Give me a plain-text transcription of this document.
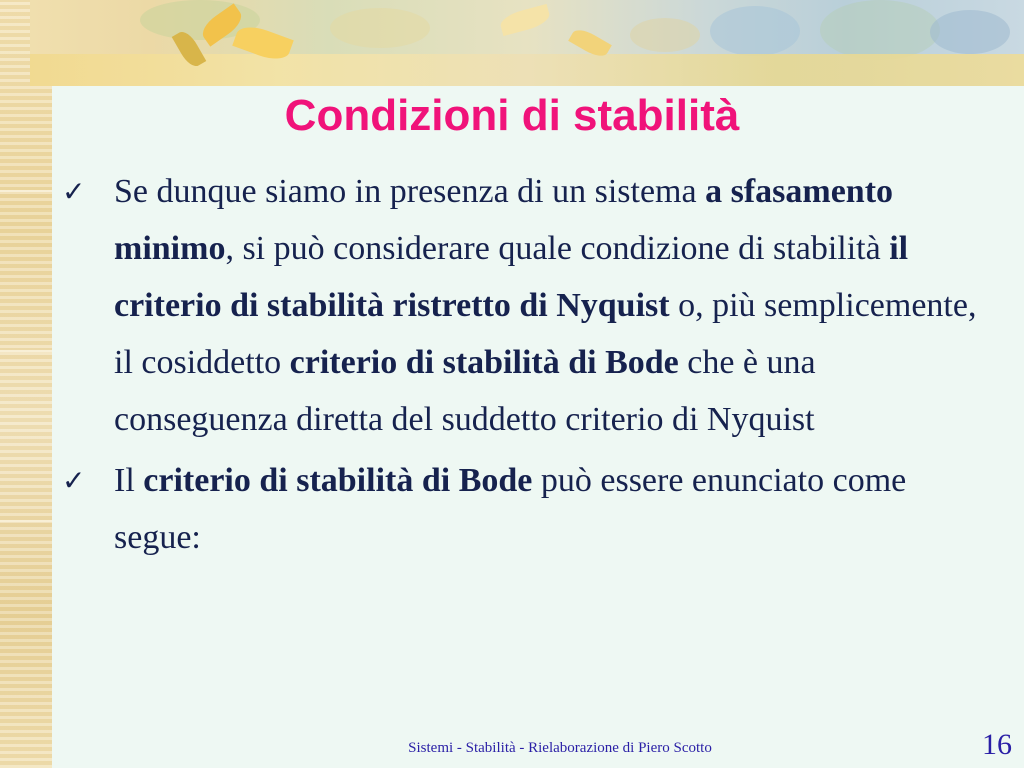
Condizioni di stabilità
✓ Se dunque siamo in presenza di un sistema a sfasamento minimo, si può considerare quale condizione di stabilità il criterio di stabilità ristretto di Nyquist o, più semplicemente, il cosiddetto criterio di stabilità di Bode che è una conseguenza diretta del suddetto criterio di Nyquist
✓ Il criterio di stabilità di Bode può essere enunciato come segue:
Sistemi - Stabilità - Rielaborazione di Piero Scotto	16
